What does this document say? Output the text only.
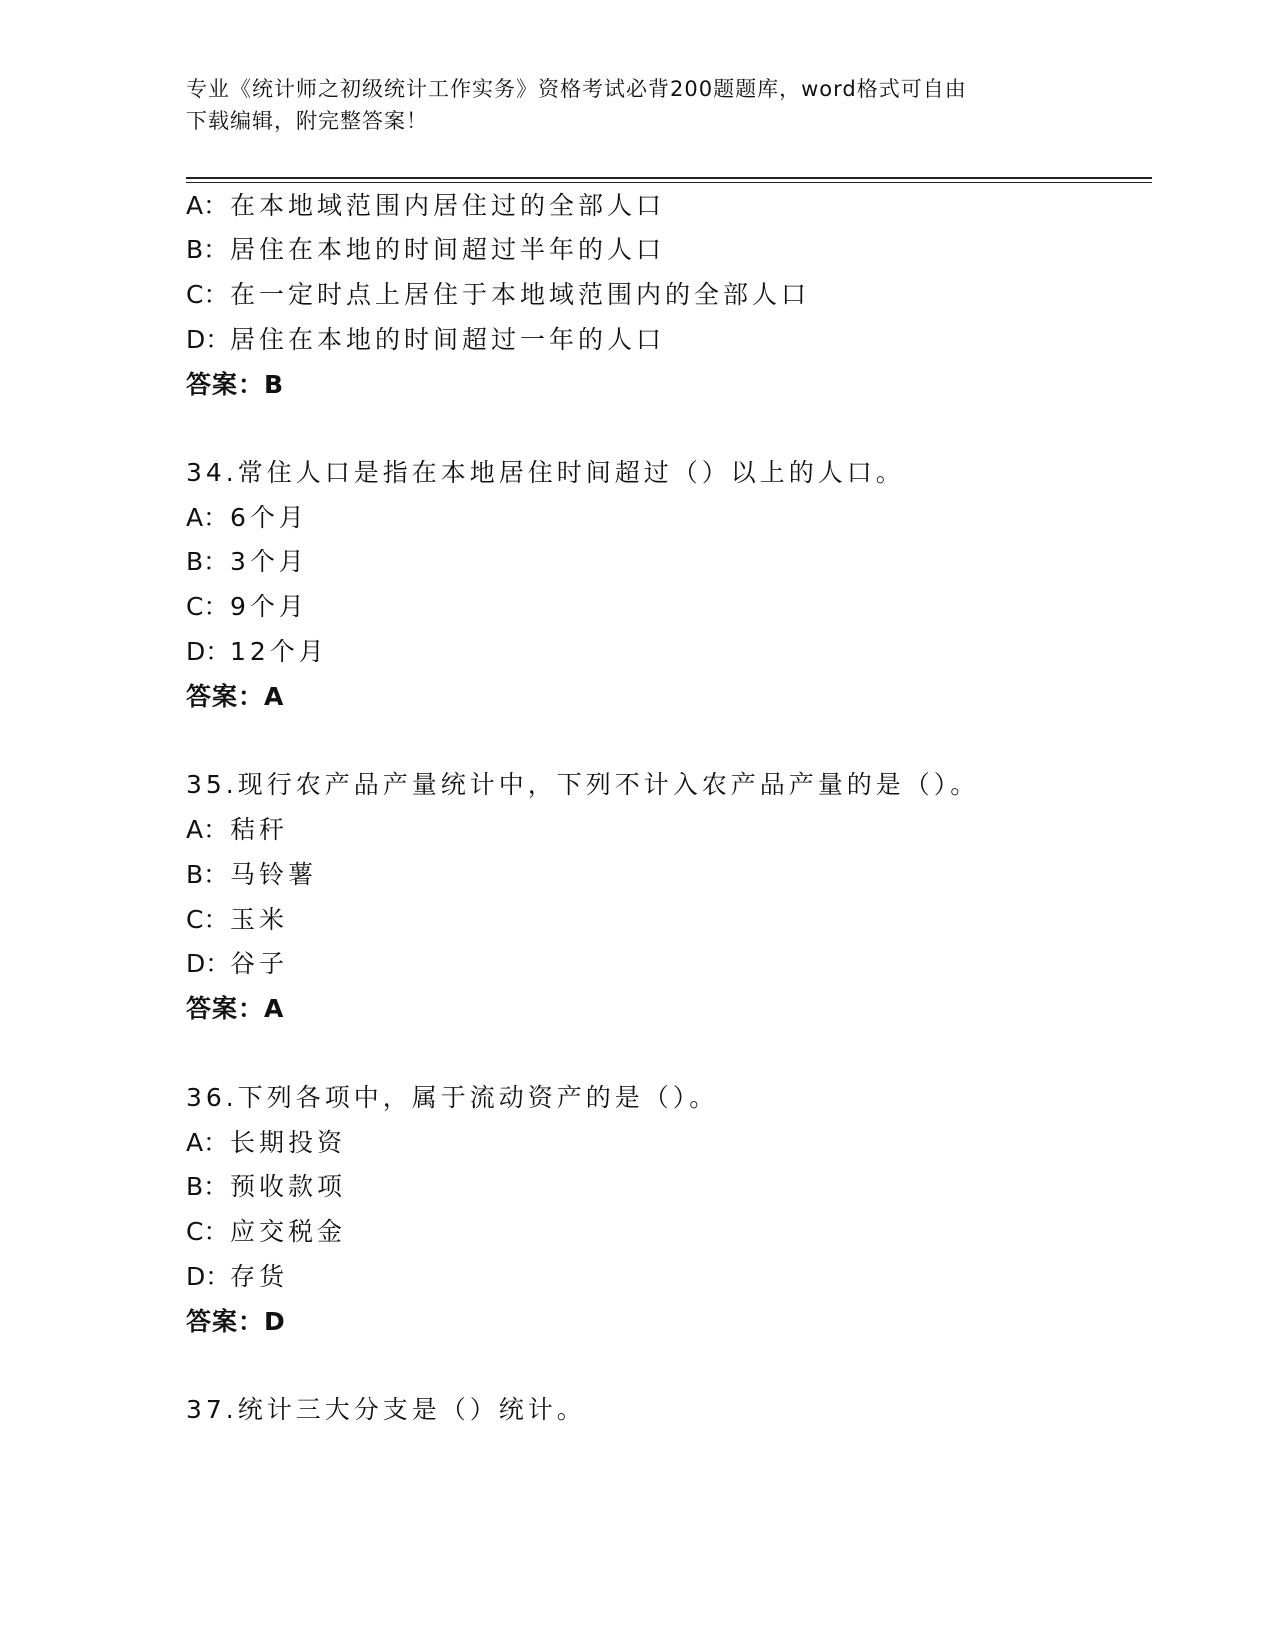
专业《统计师之初级统计工作实务》资格考试必背200题题库，word格式可自由
下载编辑，附完整答案！
A：在本地域范围内居住过的全部人口
B：居住在本地的时间超过半年的人口
C：在一定时点上居住于本地域范围内的全部人口
D：居住在本地的时间超过一年的人口
答案：B
34.常住人口是指在本地居住时间超过（）以上的人口。
A：6个月
B：3个月
C：9个月
D：12个月
答案：A
35.现行农产品产量统计中，下列不计入农产品产量的是（）。
A：秸秆
B：马铃薯
C：玉米
D：谷子
答案：A
36.下列各项中，属于流动资产的是（）。
A：长期投资
B：预收款项
C：应交税金
D：存货
答案：D
37.统计三大分支是（）统计。
